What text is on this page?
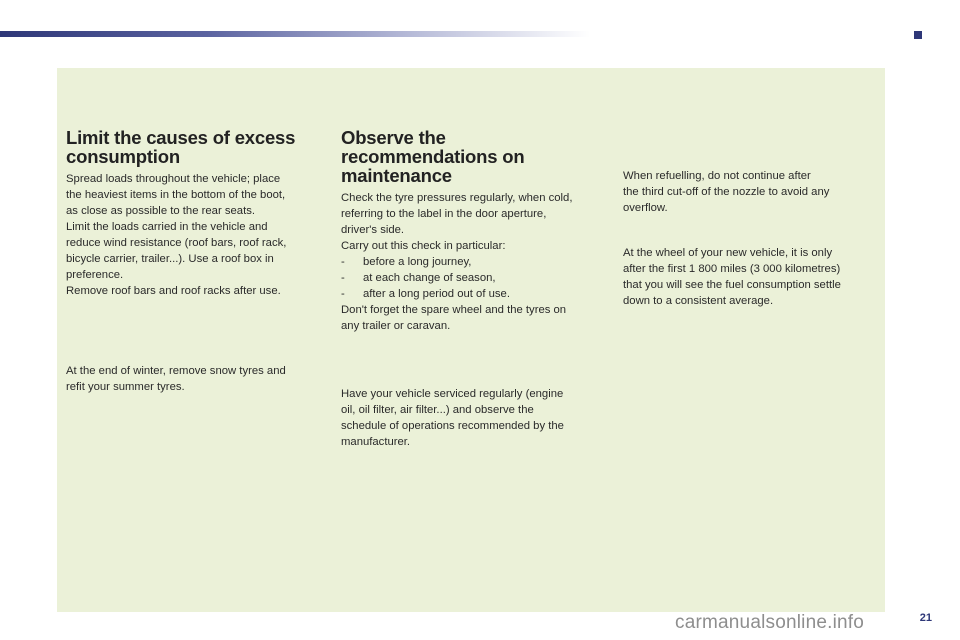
Limit the causes of excess consumption

Spread loads throughout the vehicle; place
the heaviest items in the bottom of the boot,
as close as possible to the rear seats.
Limit the loads carried in the vehicle and
reduce wind resistance (roof bars, roof rack,
bicycle carrier, trailer...). Use a roof box in
preference.
Remove roof bars and roof racks after use.

At the end of winter, remove snow tyres and
refit your summer tyres.

Observe the recommendations on maintenance

Check the tyre pressures regularly, when cold,
referring to the label in the door aperture,
driver's side.
Carry out this check in particular:

-	before a long journey,

-	at each change of season,

-	after a long period out of use.

Don't forget the spare wheel and the tyres on
any trailer or caravan.

Have your vehicle serviced regularly (engine
oil, oil filter, air filter...) and observe the
schedule of operations recommended by the
manufacturer.

When refuelling, do not continue after
the third cut-off of the nozzle to avoid any
overflow.

At the wheel of your new vehicle, it is only
after the first 1 800 miles (3 000 kilometres)
that you will see the fuel consumption settle
down to a consistent average.

carmanualsonline.info	21
